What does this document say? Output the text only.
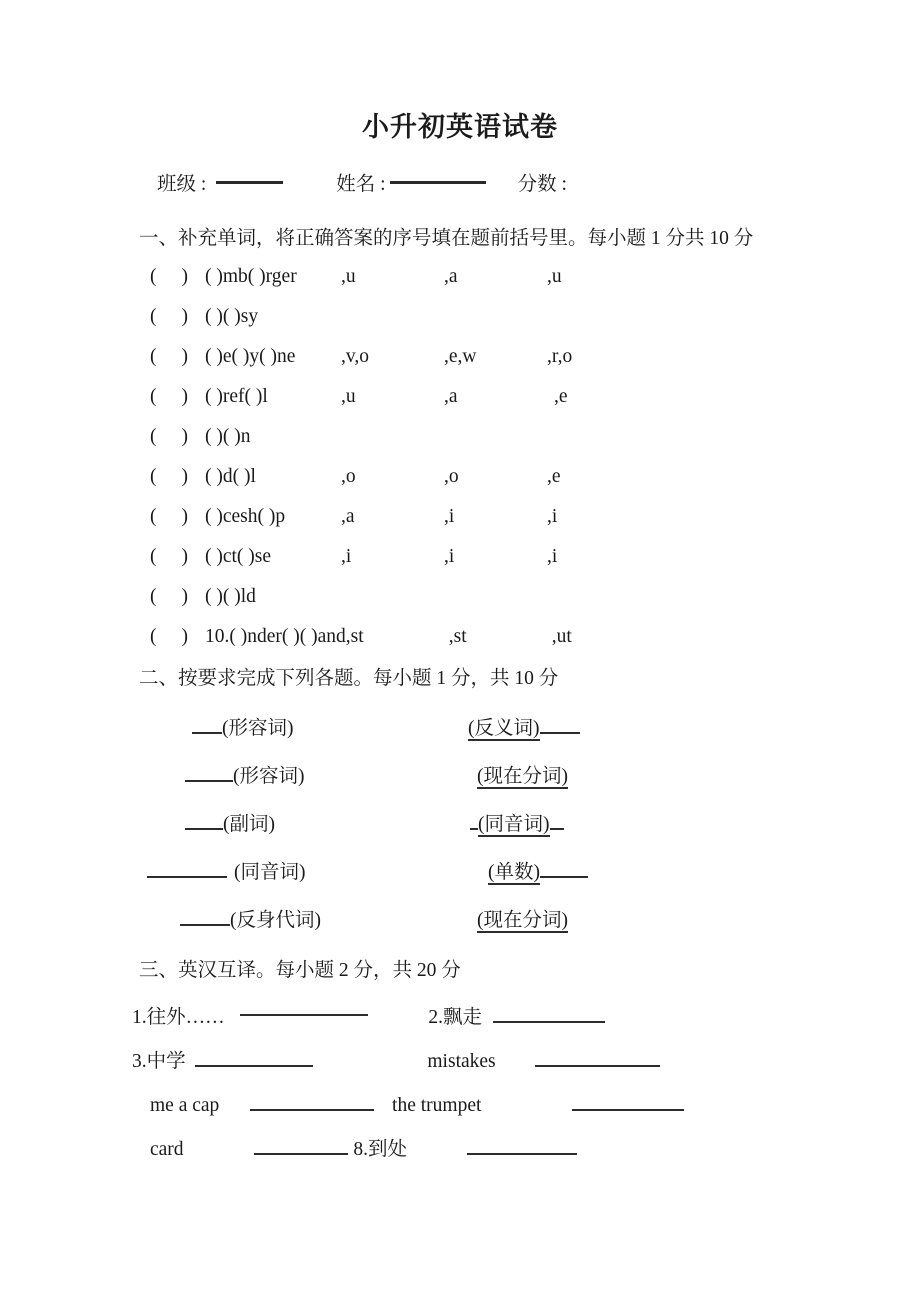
小升初英语试卷
班级 :	姓名 :	分数 :
一、补充单词，将正确答案的序号填在题前括号里。每小题 1 分共 10 分
( ) ( )mb( )rger	,u	,a	,u
( ) ( )( )sy
( ) ( )e( )y( )ne	,v,o	,e,w	,r,o
( ) ( )ref( )l	,u	,a	,e
( ) ( )( )n
( ) ( )d( )l	,o	,o	,e
( ) ( )cesh( )p	,a	,i	,i
( ) ( )ct( )se	,i	,i	,i
( ) ( )( )ld
( ) 10.( )nder( )( )and ,st	,st	,ut
二、按要求完成下列各题。每小题 1 分，共 10 分
(形容词)	(反义词)
(形容词)	(现在分词)
(副词)	(同音词)
(同音词)	(单数)
(反身代词)	(现在分词)
三、英汉互译。每小题 2 分，共 20 分
1.往外……	2.飘走
3.中学	mistakes
me a cap	the trumpet
card	8.到处
